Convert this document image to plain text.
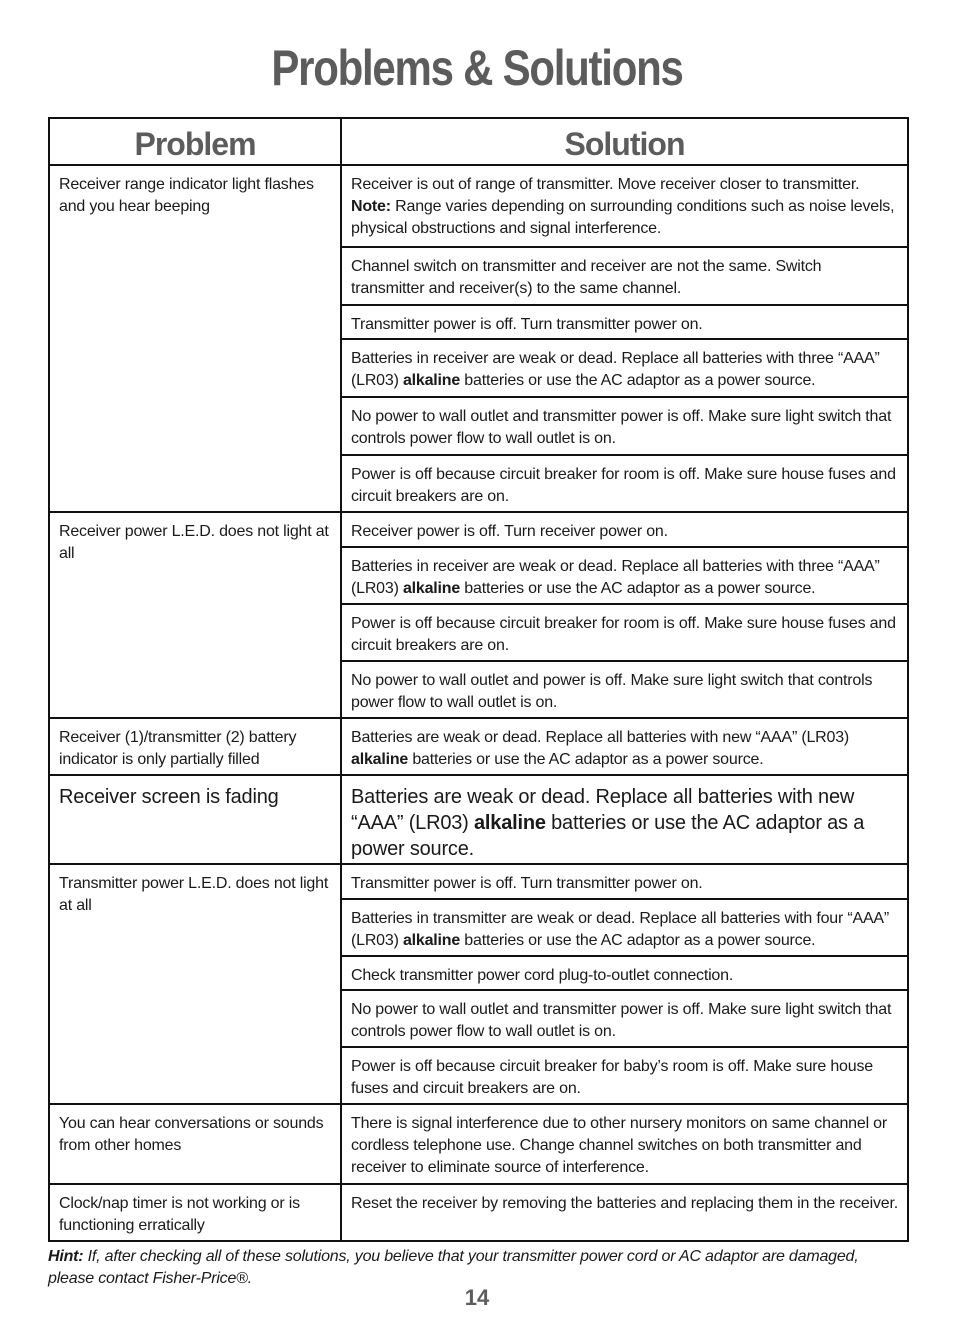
Problems & Solutions
Problem	Solution

Receiver range indicator light flashes and you hear beeping	Receiver is out of range of transmitter. Move receiver closer to transmitter. Note: Range varies depending on surrounding conditions such as noise levels, physical obstructions and signal interference.

	Channel switch on transmitter and receiver are not the same. Switch transmitter and receiver(s) to the same channel.

	Transmitter power is off. Turn transmitter power on.

	Batteries in receiver are weak or dead. Replace all batteries with three “AAA” (LR03) alkaline batteries or use the AC adaptor as a power source.

	No power to wall outlet and transmitter power is off. Make sure light switch that controls power flow to wall outlet is on.

	Power is off because circuit breaker for room is off. Make sure house fuses and circuit breakers are on.

Receiver power L.E.D. does not light at all	Receiver power is off. Turn receiver power on.

	Batteries in receiver are weak or dead. Replace all batteries with three “AAA” (LR03) alkaline batteries or use the AC adaptor as a power source.

	Power is off because circuit breaker for room is off. Make sure house fuses and circuit breakers are on.

	No power to wall outlet and power is off. Make sure light switch that controls power flow to wall outlet is on.

Receiver (1)/transmitter (2) battery indicator is only partially filled	Batteries are weak or dead. Replace all batteries with new “AAA” (LR03) alkaline batteries or use the AC adaptor as a power source.

Receiver screen is fading	Batteries are weak or dead. Replace all batteries with new “AAA” (LR03) alkaline batteries or use the AC adaptor as a power source.

Transmitter power L.E.D. does not light at all	Transmitter power is off. Turn transmitter power on.

	Batteries in transmitter are weak or dead. Replace all batteries with four “AAA” (LR03) alkaline batteries or use the AC adaptor as a power source.

	Check transmitter power cord plug-to-outlet connection.

	No power to wall outlet and transmitter power is off. Make sure light switch that controls power flow to wall outlet is on.

	Power is off because circuit breaker for baby’s room is off. Make sure house fuses and circuit breakers are on.

You can hear conversations or sounds from other homes	There is signal interference due to other nursery monitors on same channel or cordless telephone use. Change channel switches on both transmitter and receiver to eliminate source of interference.

Clock/nap timer is not working or is functioning erratically	Reset the receiver by removing the batteries and replacing them in the receiver.
Hint: If, after checking all of these solutions, you believe that your transmitter power cord or AC adaptor are damaged, please contact Fisher-Price®.
14
